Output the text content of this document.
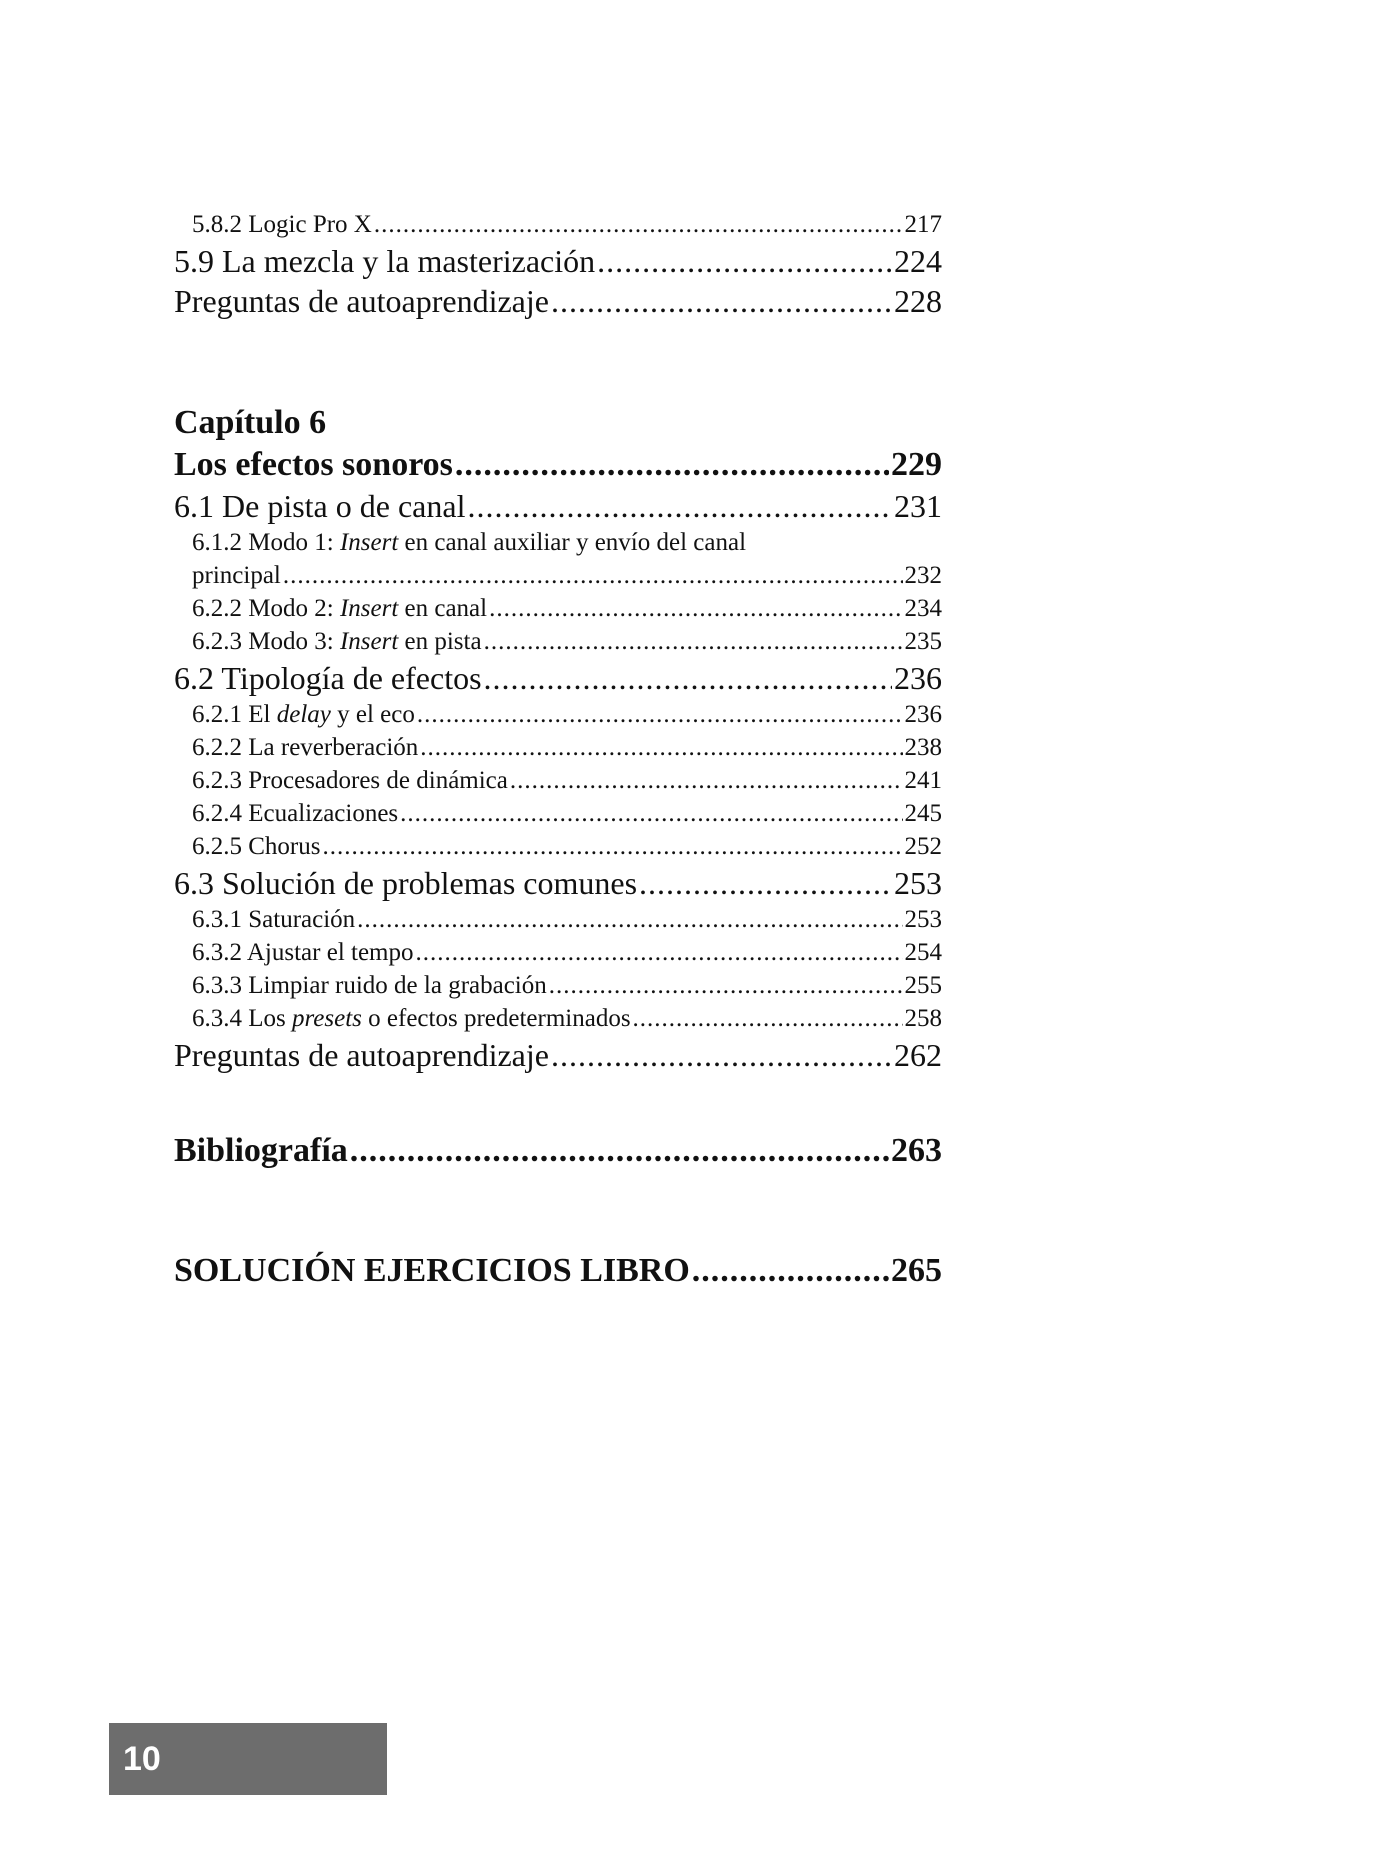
5.8.2 Logic Pro X .....	217
5.9 La mezcla y la masterización .....	224
Preguntas de autoaprendizaje .....	228
Capítulo 6
Los efectos sonoros .....	229
6.1 De pista o de canal .....	231
6.1.2 Modo 1: Insert en canal auxiliar y envío del canal
principal .....	232
6.2.2 Modo 2: Insert en canal .....	234
6.2.3 Modo 3: Insert en pista .....	235
6.2 Tipología de efectos .....	236
6.2.1 El delay y el eco .....	236
6.2.2 La reverberación .....	238
6.2.3 Procesadores de dinámica .....	241
6.2.4 Ecualizaciones .....	245
6.2.5 Chorus .....	252
6.3 Solución de problemas comunes .....	253
6.3.1 Saturación .....	253
6.3.2 Ajustar el tempo .....	254
6.3.3 Limpiar ruido de la grabación .....	255
6.3.4 Los presets o efectos predeterminados .....	258
Preguntas de autoaprendizaje .....	262
Bibliografía .....	263
SOLUCIÓN EJERCICIOS LIBRO .....	265
10
